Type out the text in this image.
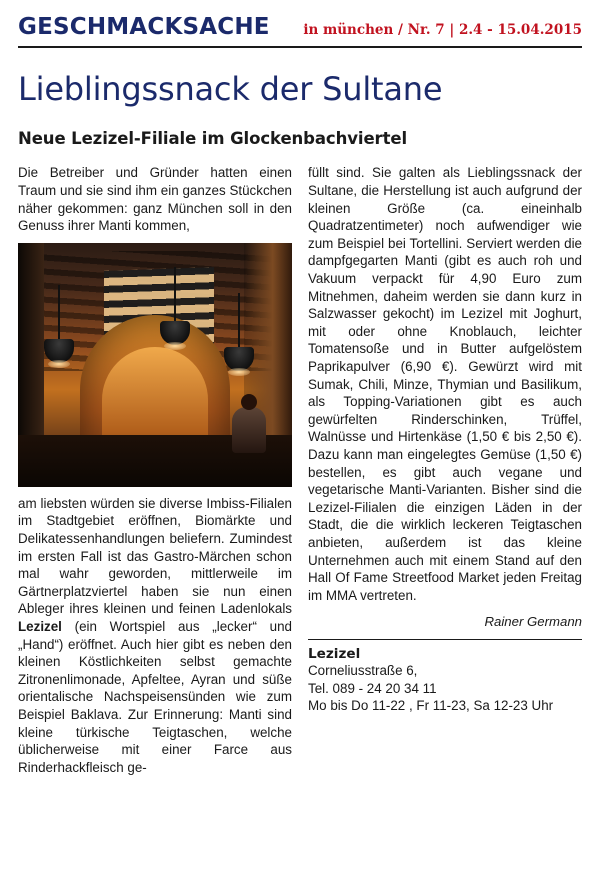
GESCHMACKSACHE in münchen / Nr. 7 | 2.4 - 15.04.2015
Lieblingssnack der Sultane
Neue Lezizel-Filiale im Glockenbachviertel

Die Betreiber und Gründer hatten einen Traum und sie sind ihm ein ganzes Stückchen näher gekommen: ganz München soll in den Genuss ihrer Manti kommen,

am liebsten würden sie diverse Imbiss-Filialen im Stadtgebiet eröffnen, Biomärkte und Delikatessenhandlungen beliefern. Zumindest im ersten Fall ist das Gastro-Märchen schon mal wahr geworden, mittlerweile im Gärtnerplatzviertel haben sie nun einen Ableger ihres kleinen und feinen Ladenlokals Lezizel (ein Wortspiel aus „lecker“ und „Hand“) eröffnet. Auch hier gibt es neben den kleinen Köstlichkeiten selbst gemachte Zitronenlimonade, Apfeltee, Ayran und süße orientalische Nachspeisensünden wie zum Beispiel Baklava. Zur Erinnerung: Manti sind kleine türkische Teigtaschen, welche üblicherweise mit einer Farce aus Rinderhackfleisch ge-

füllt sind. Sie galten als Lieblingssnack der Sultane, die Herstellung ist auch aufgrund der kleinen Größe (ca. eineinhalb Quadratzentimeter) noch aufwendiger wie zum Beispiel bei Tortellini. Serviert werden die dampfgegarten Manti (gibt es auch roh und Vakuum verpackt für 4,90 Euro zum Mitnehmen, daheim werden sie dann kurz in Salzwasser gekocht) im Lezizel mit Joghurt, mit oder ohne Knoblauch, leichter Tomatensoße und in Butter aufgelöstem Paprikapulver (6,90 €). Gewürzt wird mit Sumak, Chili, Minze, Thymian und Basilikum, als Topping-Variationen gibt es auch gewürfelten Rinderschinken, Trüffel, Walnüsse und Hirtenkäse (1,50 € bis 2,50 €). Dazu kann man eingelegtes Gemüse (1,50 €) bestellen, es gibt auch vegane und vegetarische Manti-Varianten. Bisher sind die Lezizel-Filialen die einzigen Läden in der Stadt, die die wirklich leckeren Teigtaschen anbieten, außerdem ist das kleine Unternehmen auch mit einem Stand auf den Hall Of Fame Streetfood Market jeden Freitag im MMA vertreten.

Rainer Germann
Lezizel
Corneliusstraße 6,
Tel. 089 - 24 20 34 11
Mo bis Do 11-22 , Fr 11-23, Sa 12-23 Uhr
